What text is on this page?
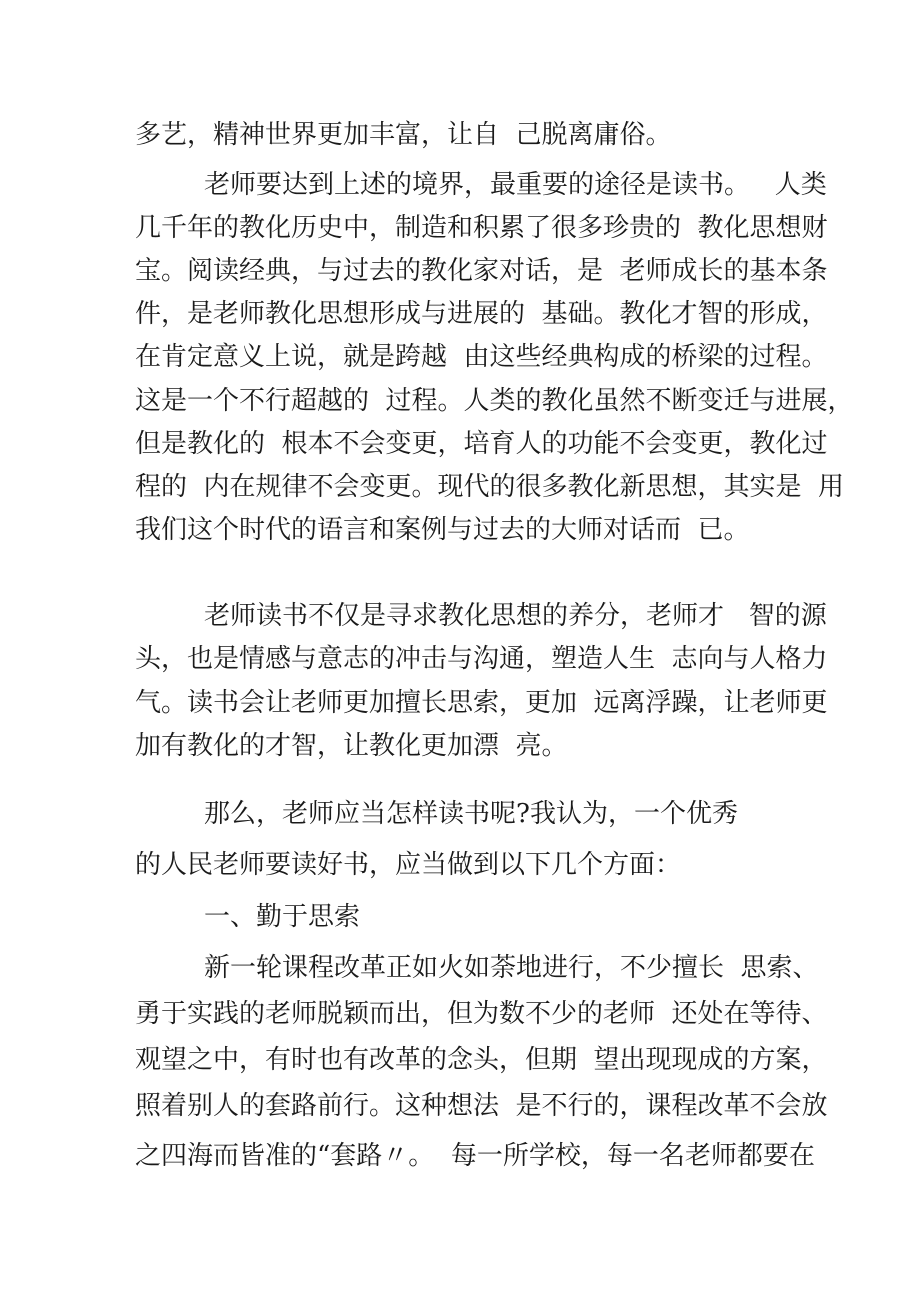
多艺，精神世界更加丰富，让自  己脱离庸俗。
老师要达到上述的境界，最重要的途径是读书。   人类
几千年的教化历史中，制造和积累了很多珍贵的  教化思想财
宝。阅读经典，与过去的教化家对话，是  老师成长的基本条
件，是老师教化思想形成与进展的  基础。教化才智的形成，
在肯定意义上说，就是跨越  由这些经典构成的桥梁的过程。
这是一个不行超越的  过程。人类的教化虽然不断变迁与进展，
但是教化的  根本不会变更，培育人的功能不会变更，教化过
程的  内在规律不会变更。现代的很多教化新思想，其实是  用
我们这个时代的语言和案例与过去的大师对话而  已。
老师读书不仅是寻求教化思想的养分，老师才   智的源
头，也是情感与意志的冲击与沟通，塑造人生  志向与人格力
气。读书会让老师更加擅长思索，更加  远离浮躁，让老师更
加有教化的才智，让教化更加漂  亮。
那么，老师应当怎样读书呢?我认为，一个优秀
的人民老师要读好书，应当做到以下几个方面：
一、勤于思索
新一轮课程改革正如火如荼地进行，不少擅长  思索、
勇于实践的老师脱颖而出，但为数不少的老师  还处在等待、
观望之中，有时也有改革的念头，但期  望出现现成的方案，
照着别人的套路前行。这种想法  是不行的，课程改革不会放
之四海而皆准的“套路〃。  每一所学校，每一名老师都要在
